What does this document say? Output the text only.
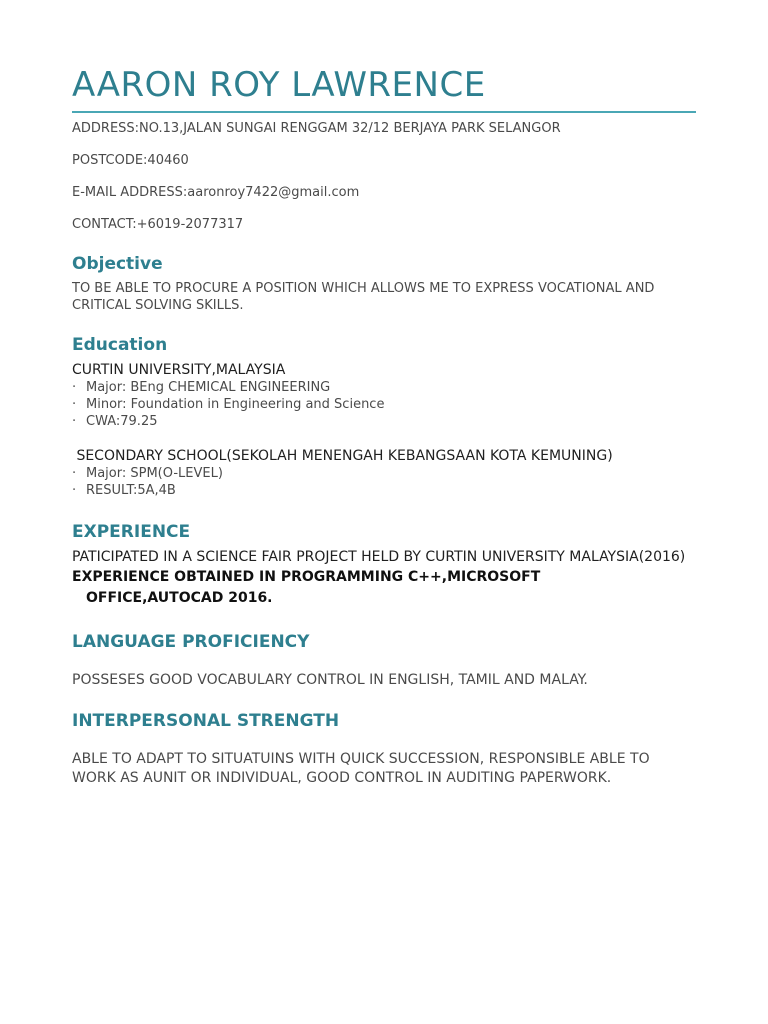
AARON ROY LAWRENCE

ADDRESS:NO.13,JALAN SUNGAI RENGGAM 32/12 BERJAYA PARK SELANGOR

POSTCODE:40460

E-MAIL ADDRESS:aaronroy7422@gmail.com

CONTACT:+6019-2077317

Objective

TO BE ABLE TO PROCURE A POSITION WHICH ALLOWS ME TO EXPRESS VOCATIONAL AND CRITICAL SOLVING SKILLS.

Education

CURTIN UNIVERSITY,MALAYSIA

· Major: BEng CHEMICAL ENGINEERING
· Minor: Foundation in Engineering and Science
· CWA:79.25

SECONDARY SCHOOL(SEKOLAH MENENGAH KEBANGSAAN KOTA KEMUNING)

· Major: SPM(O-LEVEL)
· RESULT:5A,4B
EXPERIENCE

PATICIPATED IN A SCIENCE FAIR PROJECT HELD BY CURTIN UNIVERSITY MALAYSIA(2016)

EXPERIENCE OBTAINED IN PROGRAMMING C++,MICROSOFT
OFFICE,AUTOCAD 2016.

LANGUAGE PROFICIENCY

POSSESES GOOD VOCABULARY CONTROL IN ENGLISH, TAMIL AND MALAY.

INTERPERSONAL STRENGTH

ABLE TO ADAPT TO SITUATUINS WITH QUICK SUCCESSION, RESPONSIBLE ABLE TO WORK AS AUNIT OR INDIVIDUAL, GOOD CONTROL IN AUDITING PAPERWORK.
